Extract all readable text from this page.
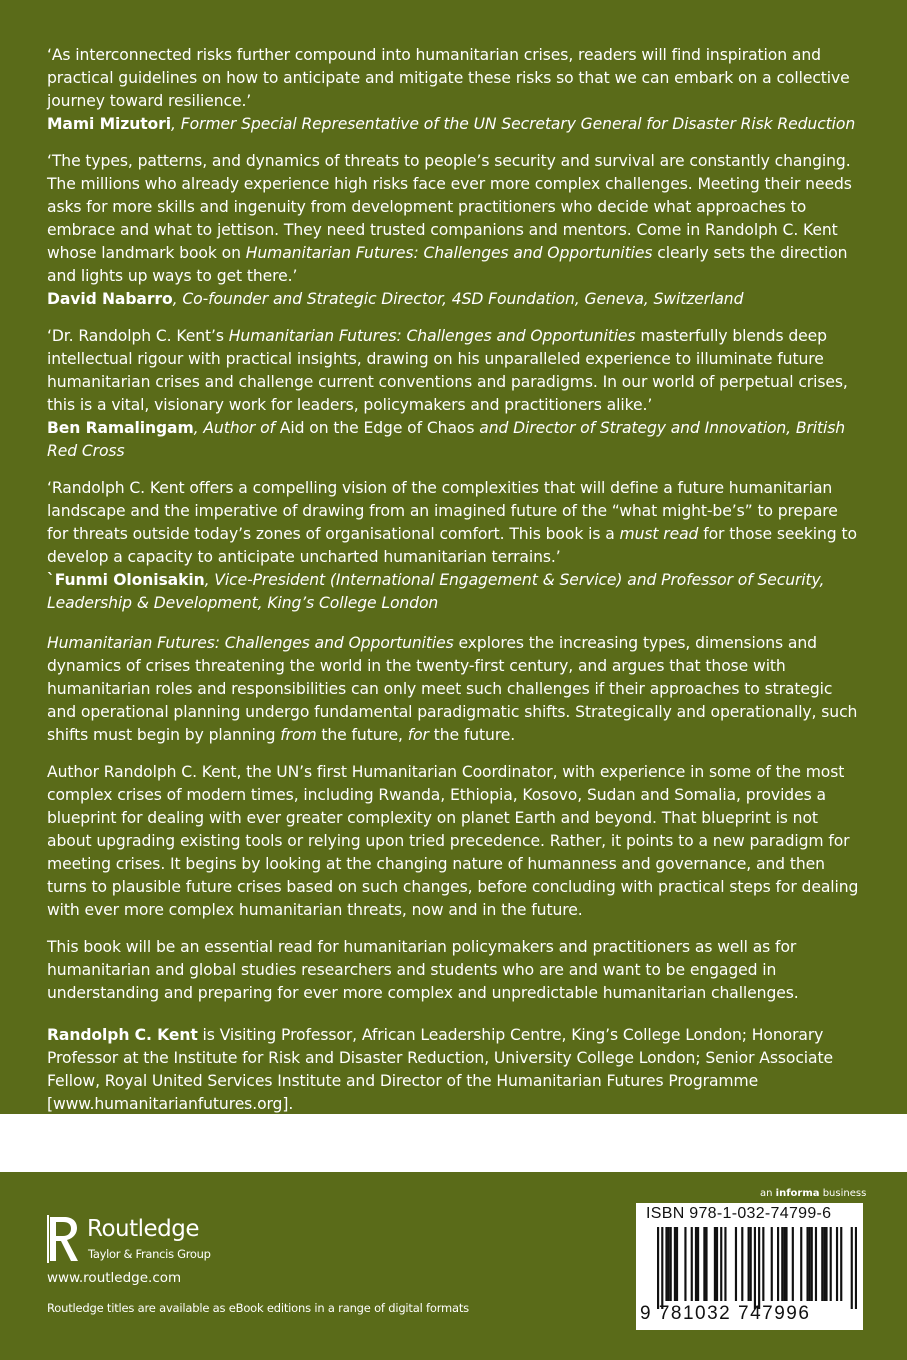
‘As interconnected risks further compound into humanitarian crises, readers will find inspiration and practical guidelines on how to anticipate and mitigate these risks so that we can embark on a collective journey toward resilience.’

Mami Mizutori, Former Special Representative of the UN Secretary General for Disaster Risk Reduction

‘The types, patterns, and dynamics of threats to people’s security and survival are constantly changing. The millions who already experience high risks face ever more complex challenges. Meeting their needs asks for more skills and ingenuity from development practitioners who decide what approaches to embrace and what to jettison. They need trusted companions and mentors. Come in Randolph C. Kent whose landmark book on Humanitarian Futures: Challenges and Opportunities clearly sets the direction and lights up ways to get there.’

David Nabarro, Co-founder and Strategic Director, 4SD Foundation, Geneva, Switzerland

‘Dr. Randolph C. Kent’s Humanitarian Futures: Challenges and Opportunities masterfully blends deep intellectual rigour with practical insights, drawing on his unparalleled experience to illuminate future humanitarian crises and challenge current conventions and paradigms. In our world of perpetual crises, this is a vital, visionary work for leaders, policymakers and practitioners alike.’

Ben Ramalingam, Author of Aid on the Edge of Chaos and Director of Strategy and Innovation, British Red Cross

‘Randolph C. Kent offers a compelling vision of the complexities that will define a future humanitarian landscape and the imperative of drawing from an imagined future of the “what might-be’s” to prepare for threats outside today’s zones of organisational comfort. This book is a must read for those seeking to develop a capacity to anticipate uncharted humanitarian terrains.’

`Funmi Olonisakin, Vice-President (International Engagement & Service) and Professor of Security, Leadership & Development, King’s College London

Humanitarian Futures: Challenges and Opportunities explores the increasing types, dimensions and dynamics of crises threatening the world in the twenty-first century, and argues that those with humanitarian roles and responsibilities can only meet such challenges if their approaches to strategic and operational planning undergo fundamental paradigmatic shifts. Strategically and operationally, such shifts must begin by planning from the future, for the future.

Author Randolph C. Kent, the UN’s first Humanitarian Coordinator, with experience in some of the most complex crises of modern times, including Rwanda, Ethiopia, Kosovo, Sudan and Somalia, provides a blueprint for dealing with ever greater complexity on planet Earth and beyond. That blueprint is not about upgrading existing tools or relying upon tried precedence. Rather, it points to a new paradigm for meeting crises. It begins by looking at the changing nature of humanness and governance, and then turns to plausible future crises based on such changes, before concluding with practical steps for dealing with ever more complex humanitarian threats, now and in the future.

This book will be an essential read for humanitarian policymakers and practitioners as well as for humanitarian and global studies researchers and students who are and want to be engaged in understanding and preparing for ever more complex and unpredictable humanitarian challenges.

Randolph C. Kent is Visiting Professor, African Leadership Centre, King’s College London; Honorary Professor at the Institute for Risk and Disaster Reduction, University College London; Senior Associate Fellow, Royal United Services Institute and Director of the Humanitarian Futures Programme [www.humanitarianfutures.org].

Routledge
Taylor & Francis Group
www.routledge.com
Routledge titles are available as eBook editions in a range of digital formats
an informa business
ISBN 978-1-032-74799-6
9 781032 747996
